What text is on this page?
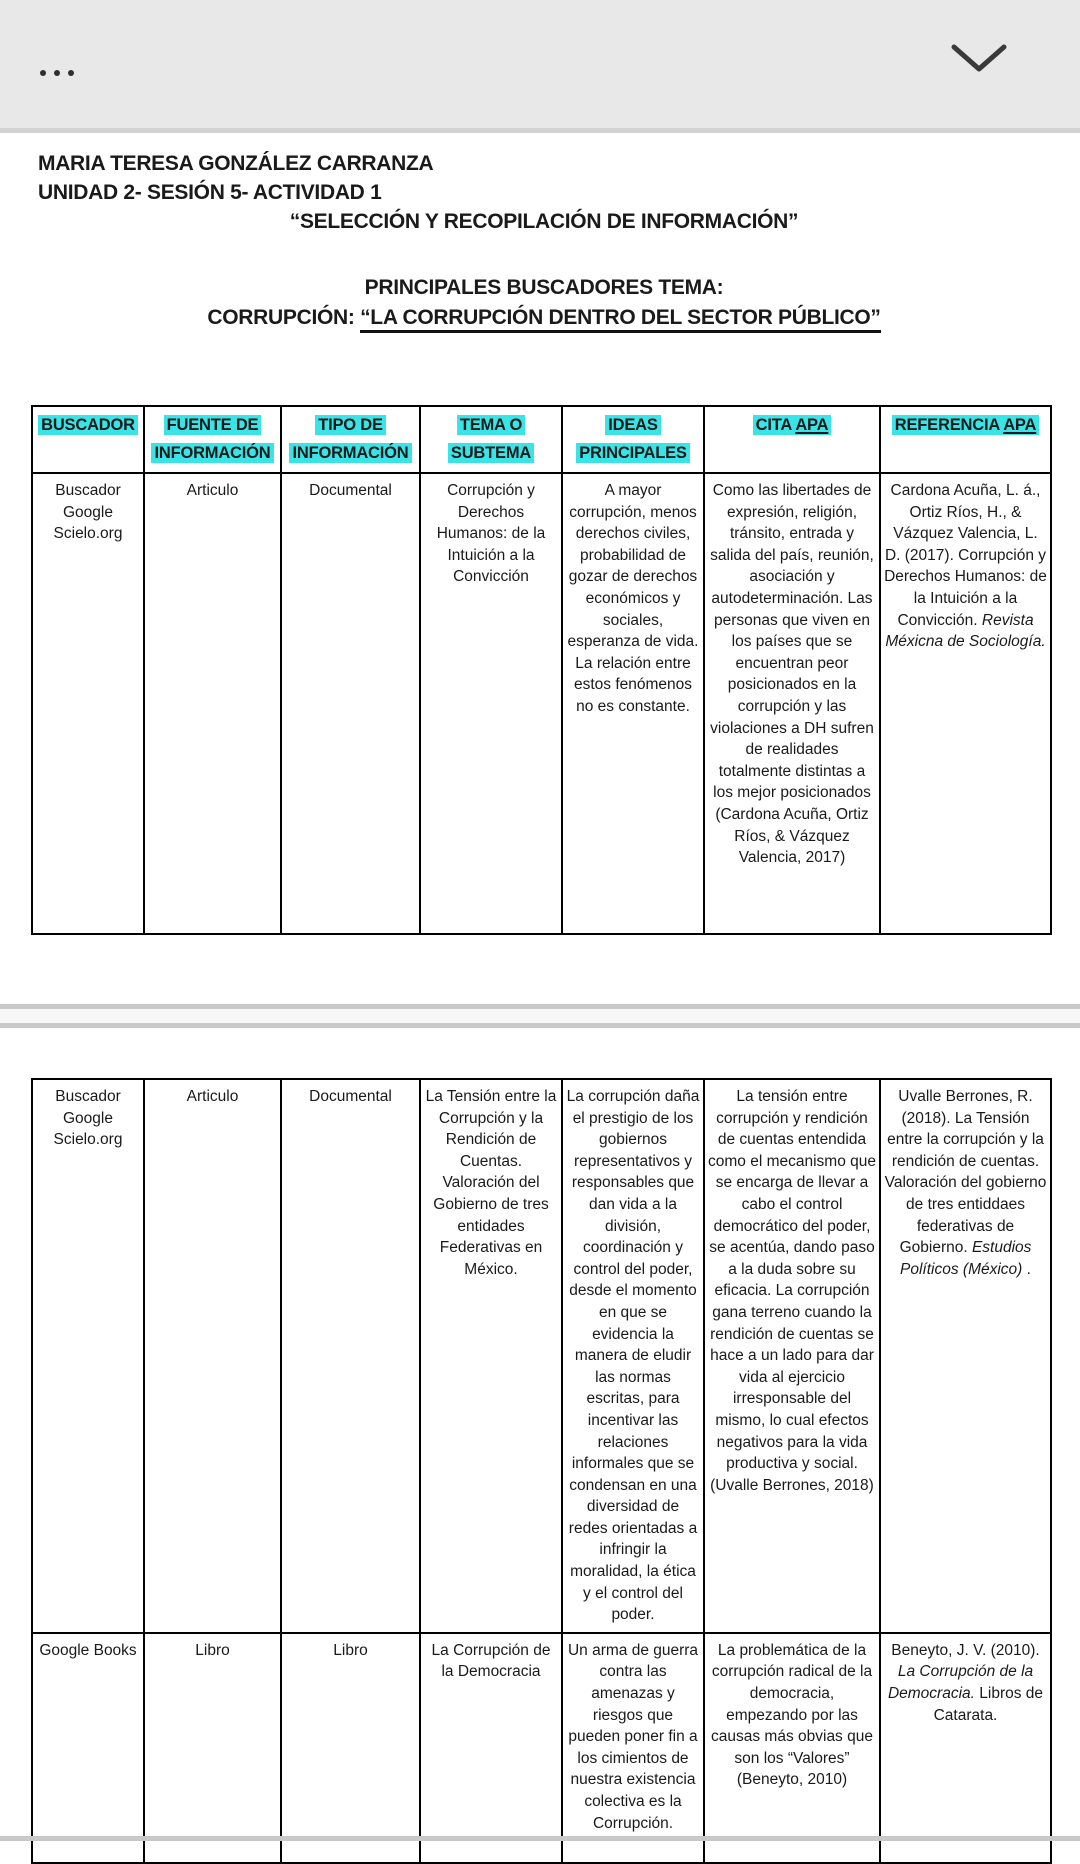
MARIA TERESA GONZÁLEZ CARRANZA

UNIDAD 2- SESIÓN 5- ACTIVIDAD 1

“SELECCIÓN Y RECOPILACIÓN DE INFORMACIÓN”

PRINCIPALES BUSCADORES TEMA:

CORRUPCIÓN: “LA CORRUPCIÓN DENTRO DEL SECTOR PÚBLICO”

BUSCADOR	FUENTE DE INFORMACIÓN	TIPO DE INFORMACIÓN	TEMA O SUBTEMA	IDEAS PRINCIPALES	CITA APA	REFERENCIA APA
Buscador Google Scielo.org	Articulo	Documental	Corrupción y Derechos Humanos: de la Intuición a la Convicción	A mayor corrupción, menos derechos civiles, probabilidad de gozar de derechos económicos y sociales, esperanza de vida. La relación entre estos fenómenos no es constante.	Como las libertades de expresión, religión, tránsito, entrada y salida del país, reunión, asociación y autodeterminación. Las personas que viven en los países que se encuentran peor posicionados en la corrupción y las violaciones a DH sufren de realidades totalmente distintas a los mejor posicionados (Cardona Acuña, Ortiz Ríos, & Vázquez Valencia, 2017)	Cardona Acuña, L. á., Ortiz Ríos, H., & Vázquez Valencia, L. D. (2017). Corrupción y Derechos Humanos: de la Intuición a la Convicción. Revista Méxicna de Sociología.
Buscador Google Scielo.org	Articulo	Documental	La Tensión entre la Corrupción y la Rendición de Cuentas. Valoración del Gobierno de tres entidades Federativas en México.	La corrupción daña el prestigio de los gobiernos representativos y responsables que dan vida a la división, coordinación y control del poder, desde el momento en que se evidencia la manera de eludir las normas escritas, para incentivar las relaciones informales que se condensan en una diversidad de redes orientadas a infringir la moralidad, la ética y el control del poder.	La tensión entre corrupción y rendición de cuentas entendida como el mecanismo que se encarga de llevar a cabo el control democrático del poder, se acentúa, dando paso a la duda sobre su eficacia. La corrupción gana terreno cuando la rendición de cuentas se hace a un lado para dar vida al ejercicio irresponsable del mismo, lo cual efectos negativos para la vida productiva y social. (Uvalle Berrones, 2018)	Uvalle Berrones, R. (2018). La Tensión entre la corrupción y la rendición de cuentas. Valoración del gobierno de tres entiddaes federativas de Gobierno. Estudios Políticos (México) .
Google Books	Libro	Libro	La Corrupción de la Democracia	Un arma de guerra contra las amenazas y riesgos que pueden poner fin a los cimientos de nuestra existencia colectiva es la Corrupción.	La problemática de la corrupción radical de la democracia, empezando por las causas más obvias que son los “Valores” (Beneyto, 2010)	Beneyto, J. V. (2010). La Corrupción de la Democracia. Libros de Catarata.
